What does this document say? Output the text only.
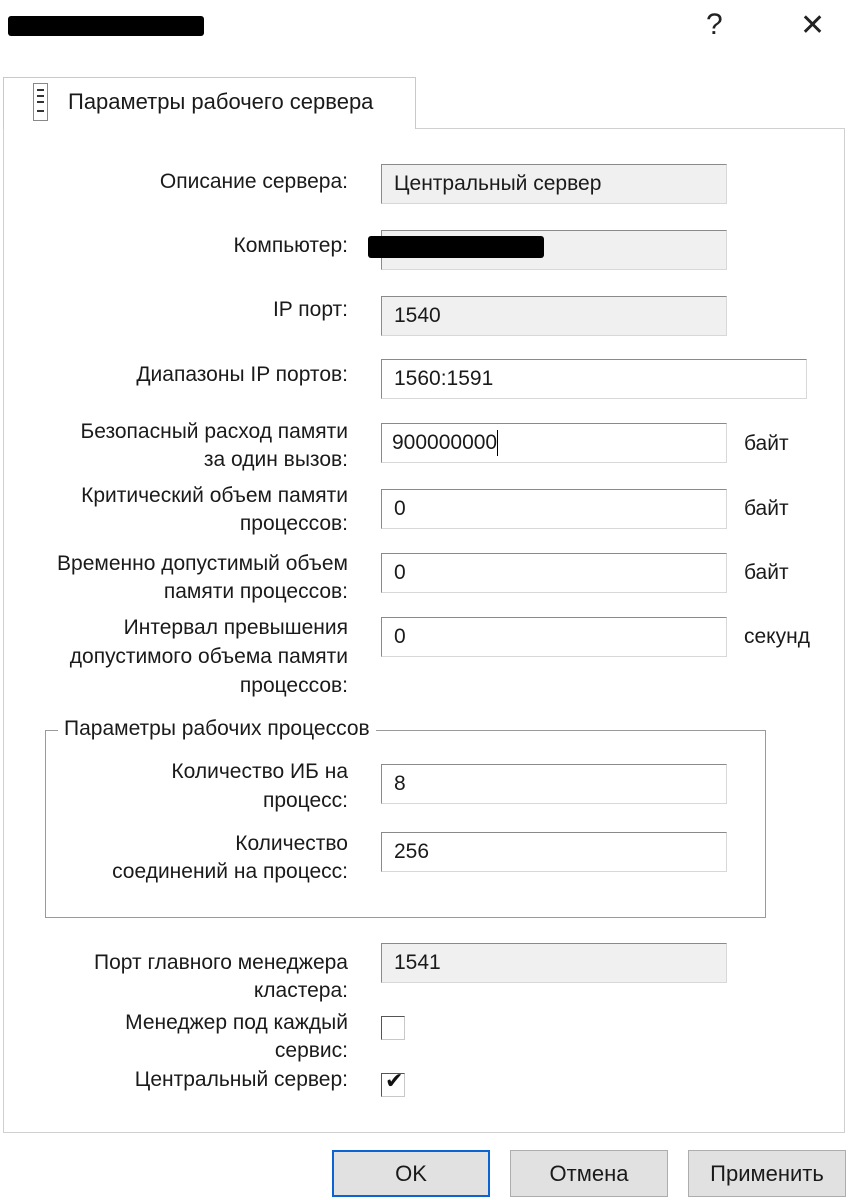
?	✕
Параметры рабочего сервера
Описание сервера:	Центральный сервер
Компьютер:
IP порт:	1540
Диапазоны IP портов:	1560:1591
Безопасный расход памяти
за один вызов:
900000000	байт
Критический объем памяти
процессов:
0	байт
Временно допустимый объем
памяти процессов:
0	байт
Интервал превышения
допустимого объема памяти
процессов:
0	секунд
Параметры рабочих процессов
Количество ИБ на
процесс:
8
Количество
соединений на процесс:
256
Порт главного менеджера
кластера:
1541
Менеджер под каждый
сервис:
Центральный сервер: ✔
OK	Отмена	Применить
